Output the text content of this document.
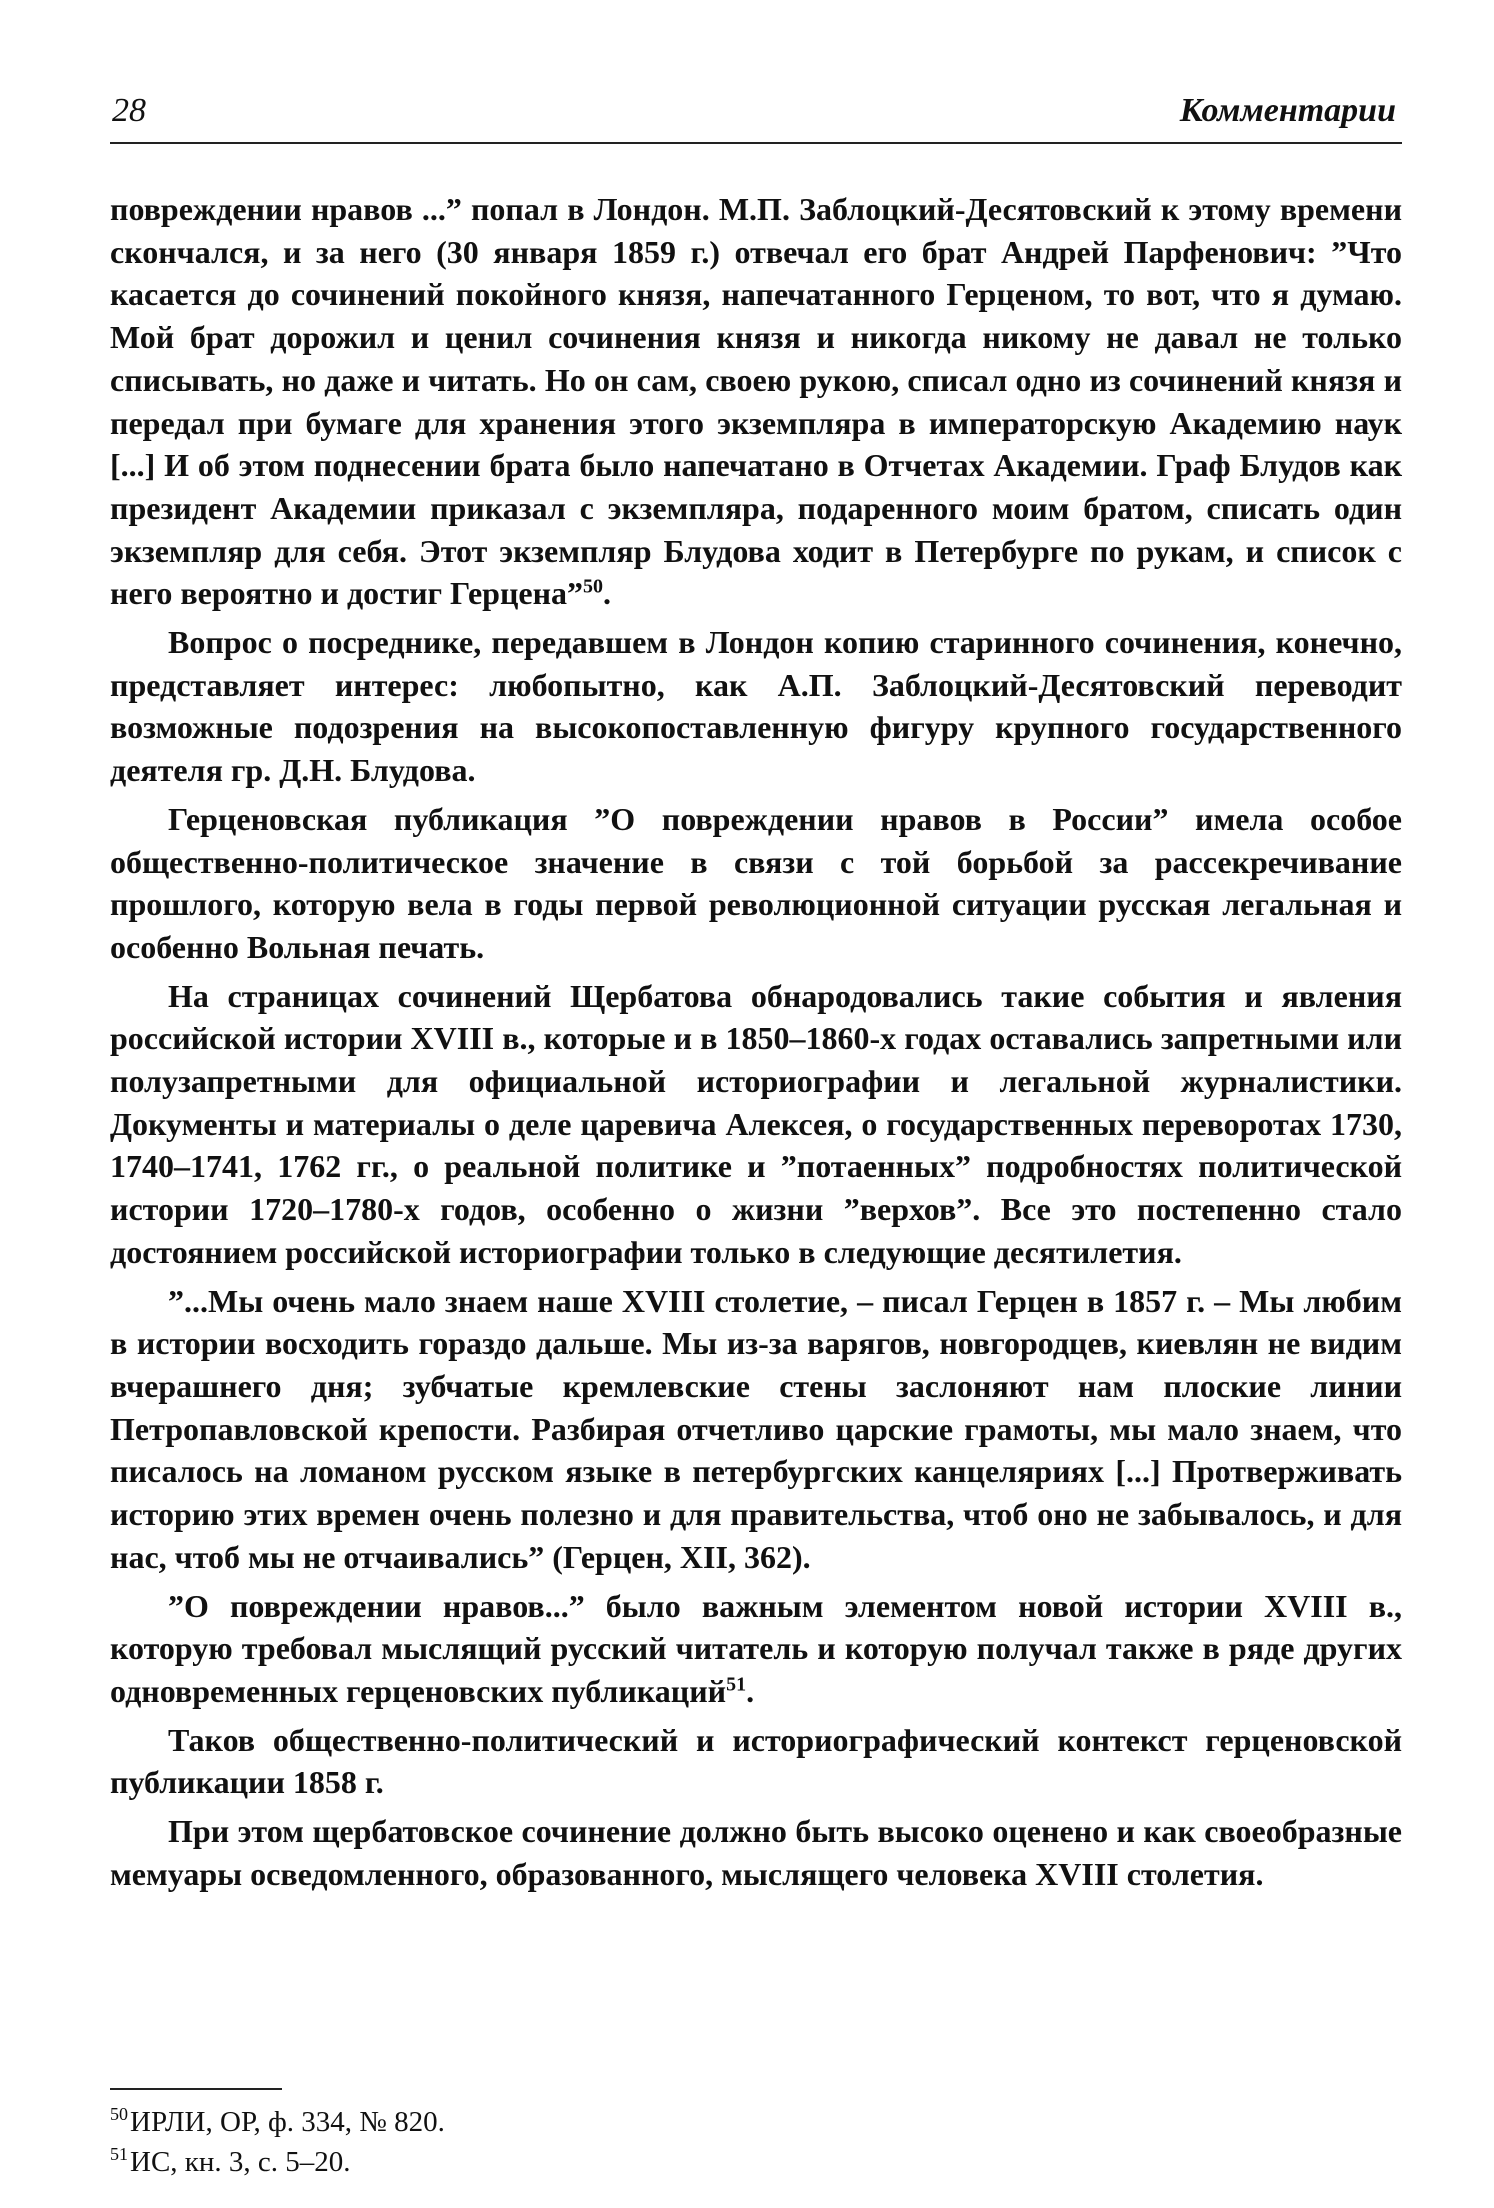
28	Комментарии

повреждении нравов ...” попал в Лондон. М.П. Заблоцкий-Десятовский к этому времени скончался, и за него (30 января 1859 г.) отвечал его брат Андрей Парфенович: ”Что касается до сочинений покойного князя, напечатанного Герценом, то вот, что я думаю. Мой брат дорожил и ценил сочинения князя и никогда никому не давал не только списывать, но даже и читать. Но он сам, своею рукою, списал одно из сочинений князя и передал при бумаге для хранения этого экземпляра в императорскую Академию наук [...] И об этом поднесении брата было напечатано в Отчетах Академии. Граф Блудов как президент Академии приказал с экземпляра, подаренного моим братом, списать один экземпляр для себя. Этот экземпляр Блудова ходит в Петербурге по рукам, и список с него вероятно и достиг Герцена”$^{50}$.

Вопрос о посреднике, передавшем в Лондон копию старинного сочинения, конечно, представляет интерес: любопытно, как А.П. Заблоцкий-Десятовский переводит возможные подозрения на высокопоставленную фигуру крупного государственного деятеля гр. Д.Н. Блудова.

Герценовская публикация ”О повреждении нравов в России” имела особое общественно-политическое значение в связи с той борьбой за рассекречивание прошлого, которую вела в годы первой революционной ситуации русская легальная и особенно Вольная печать.

На страницах сочинений Щербатова обнародовались такие события и явления российской истории XVIII в., которые и в 1850–1860-х годах оставались запретными или полузапретными для официальной историографии и легальной журналистики. Документы и материалы о деле царевича Алексея, о государственных переворотах 1730, 1740–1741, 1762 гг., о реальной политике и ”потаенных” подробностях политической истории 1720–1780-х годов, особенно о жизни ”верхов”. Все это постепенно стало достоянием российской историографии только в следующие десятилетия.

”...Мы очень мало знаем наше XVIII столетие, – писал Герцен в 1857 г. – Мы любим в истории восходить гораздо дальше. Мы из-за варягов, новгородцев, киевлян не видим вчерашнего дня; зубчатые кремлевские стены заслоняют нам плоские линии Петропавловской крепости. Разбирая отчетливо царские грамоты, мы мало знаем, что писалось на ломаном русском языке в петербургских канцеляриях [...] Протверживать историю этих времен очень полезно и для правительства, чтоб оно не забывалось, и для нас, чтоб мы не отчаивались” (Герцен, XII, 362).

”О повреждении нравов...” было важным элементом новой истории XVIII в., которую требовал мыслящий русский читатель и которую получал также в ряде других одновременных герценовских публикаций$^{51}$.

Таков общественно-политический и историографический контекст герценовской публикации 1858 г.

При этом щербатовское сочинение должно быть высоко оценено и как своеобразные мемуары осведомленного, образованного, мыслящего человека XVIII столетия.

$^{50}$ИРЛИ, ОР, ф. 334, № 820.

$^{51}$ИС, кн. 3, с. 5–20.
